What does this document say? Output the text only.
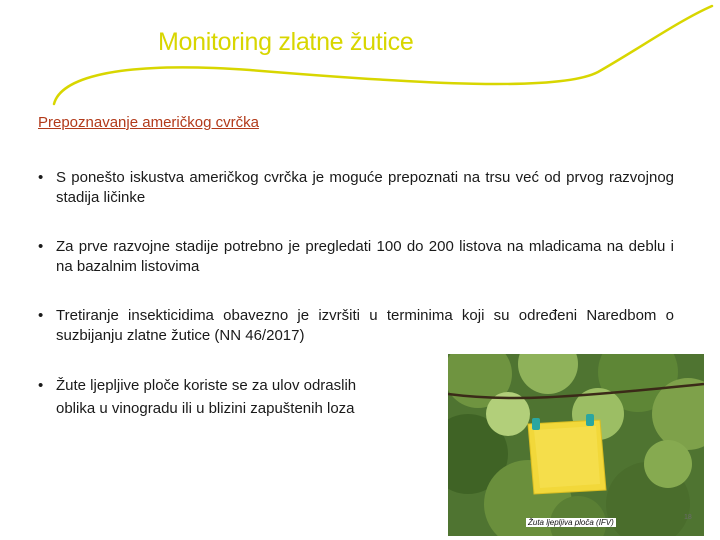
Monitoring zlatne žutice
Prepoznavanje američkog cvrčka
• S ponešto iskustva američkog cvrčka je moguće prepoznati na trsu već od prvog razvojnog stadija ličinke
• Za prve razvojne stadije potrebno je pregledati 100 do 200 listova na mladicama na deblu i na bazalnim listovima
• Tretiranje insekticidima obavezno je izvršiti u terminima koji su određeni Naredbom o suzbijanju zlatne žutice (NN 46/2017)
• Žute ljepljive ploče koriste se za ulov odraslih oblika u vinogradu ili u blizini zapuštenih loza
Žuta ljepljiva ploča (IFV)
18
